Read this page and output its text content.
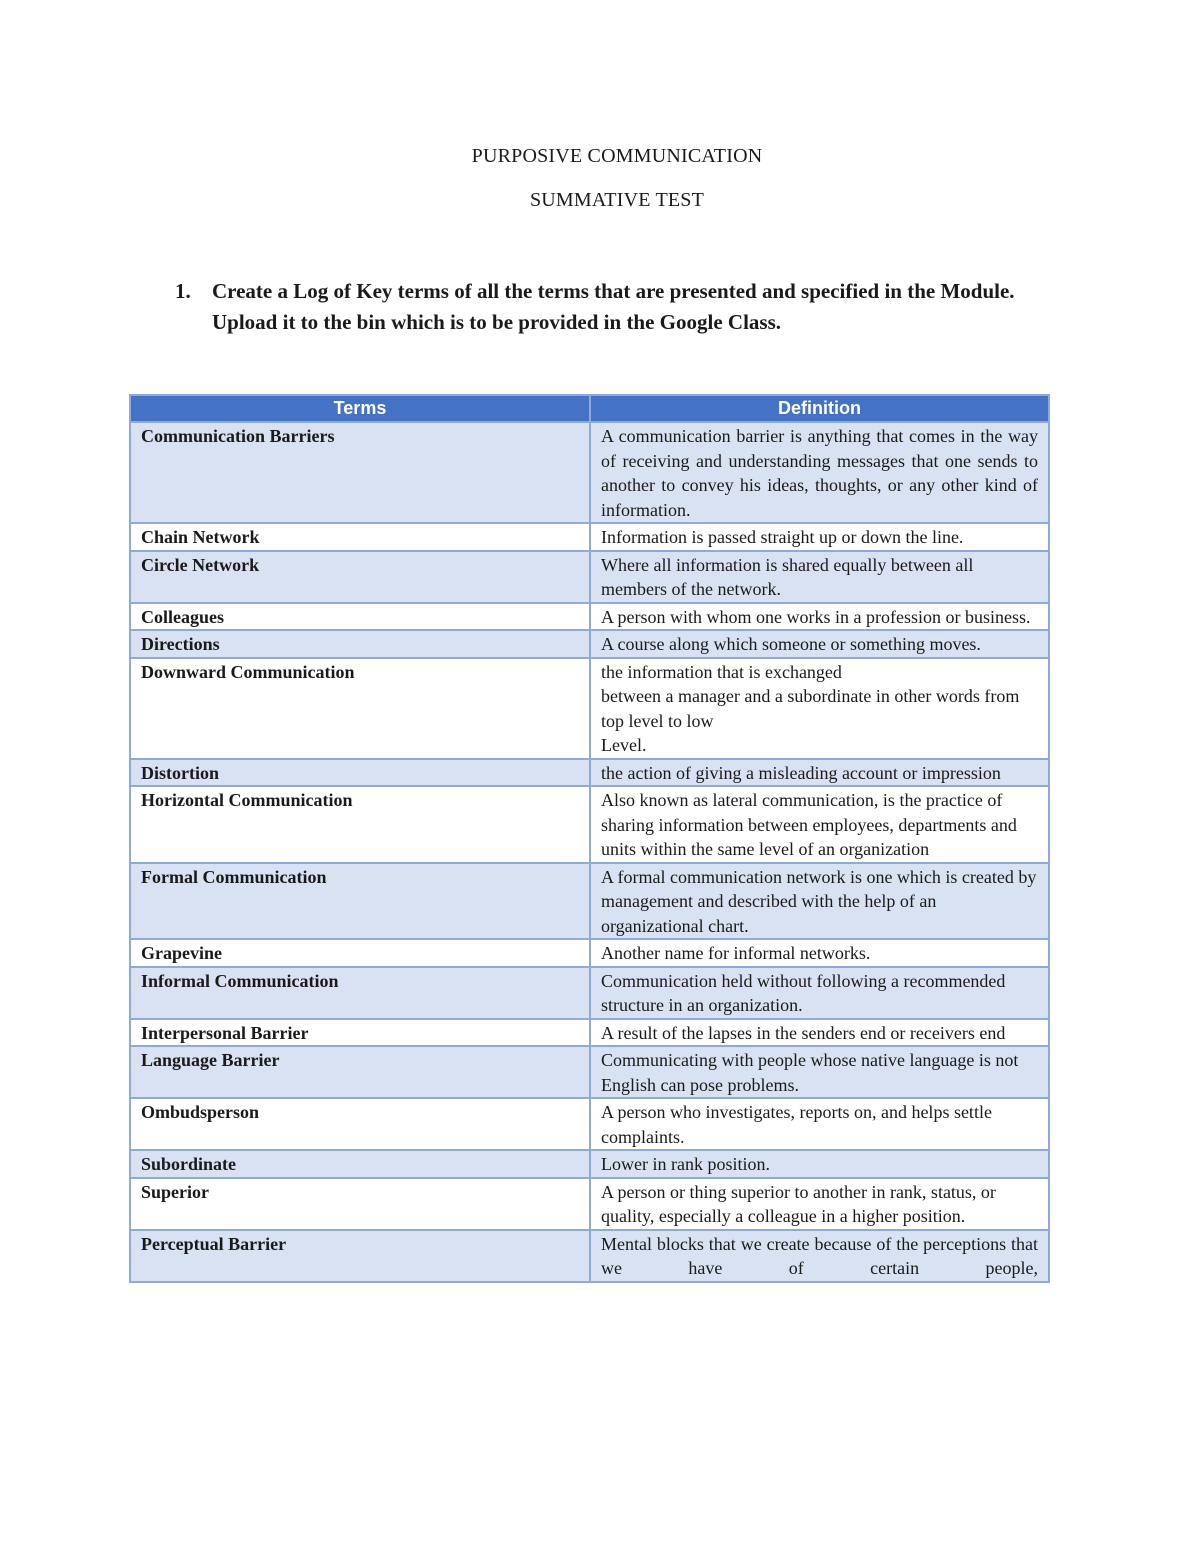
PURPOSIVE COMMUNICATION
SUMMATIVE TEST
1.	Create a Log of Key terms of all the terms that are presented and specified in the Module. Upload it to the bin which is to be provided in the Google Class.
Terms	Definition
Communication Barriers	A communication barrier is anything that comes in the way of receiving and understanding messages that one sends to another to convey his ideas, thoughts, or any other kind of information.
Chain Network	Information is passed straight up or down the line.
Circle Network	Where all information is shared equally between all members of the network.
Colleagues	A person with whom one works in a profession or business.
Directions	A course along which someone or something moves.
Downward Communication	the information that is exchanged
between a manager and a subordinate in other words from top level to low
Level.

Distortion	the action of giving a misleading account or impression
Horizontal Communication	Also known as lateral communication, is the practice of sharing information between employees, departments and units within the same level of an organization
Formal Communication	A formal communication network is one which is created by management and described with the help of an organizational chart.
Grapevine	Another name for informal networks.
Informal Communication	Communication held without following a recommended structure in an organization.
Interpersonal Barrier	A result of the lapses in the senders end or receivers end
Language Barrier	Communicating with people whose native language is not English can pose problems.
Ombudsperson	A person who investigates, reports on, and helps settle complaints.
Subordinate	Lower in rank position.
Superior	A person or thing superior to another in rank, status, or quality, especially a colleague in a higher position.
Perceptual Barrier	Mental blocks that we create because of the perceptions that we have of certain people,
